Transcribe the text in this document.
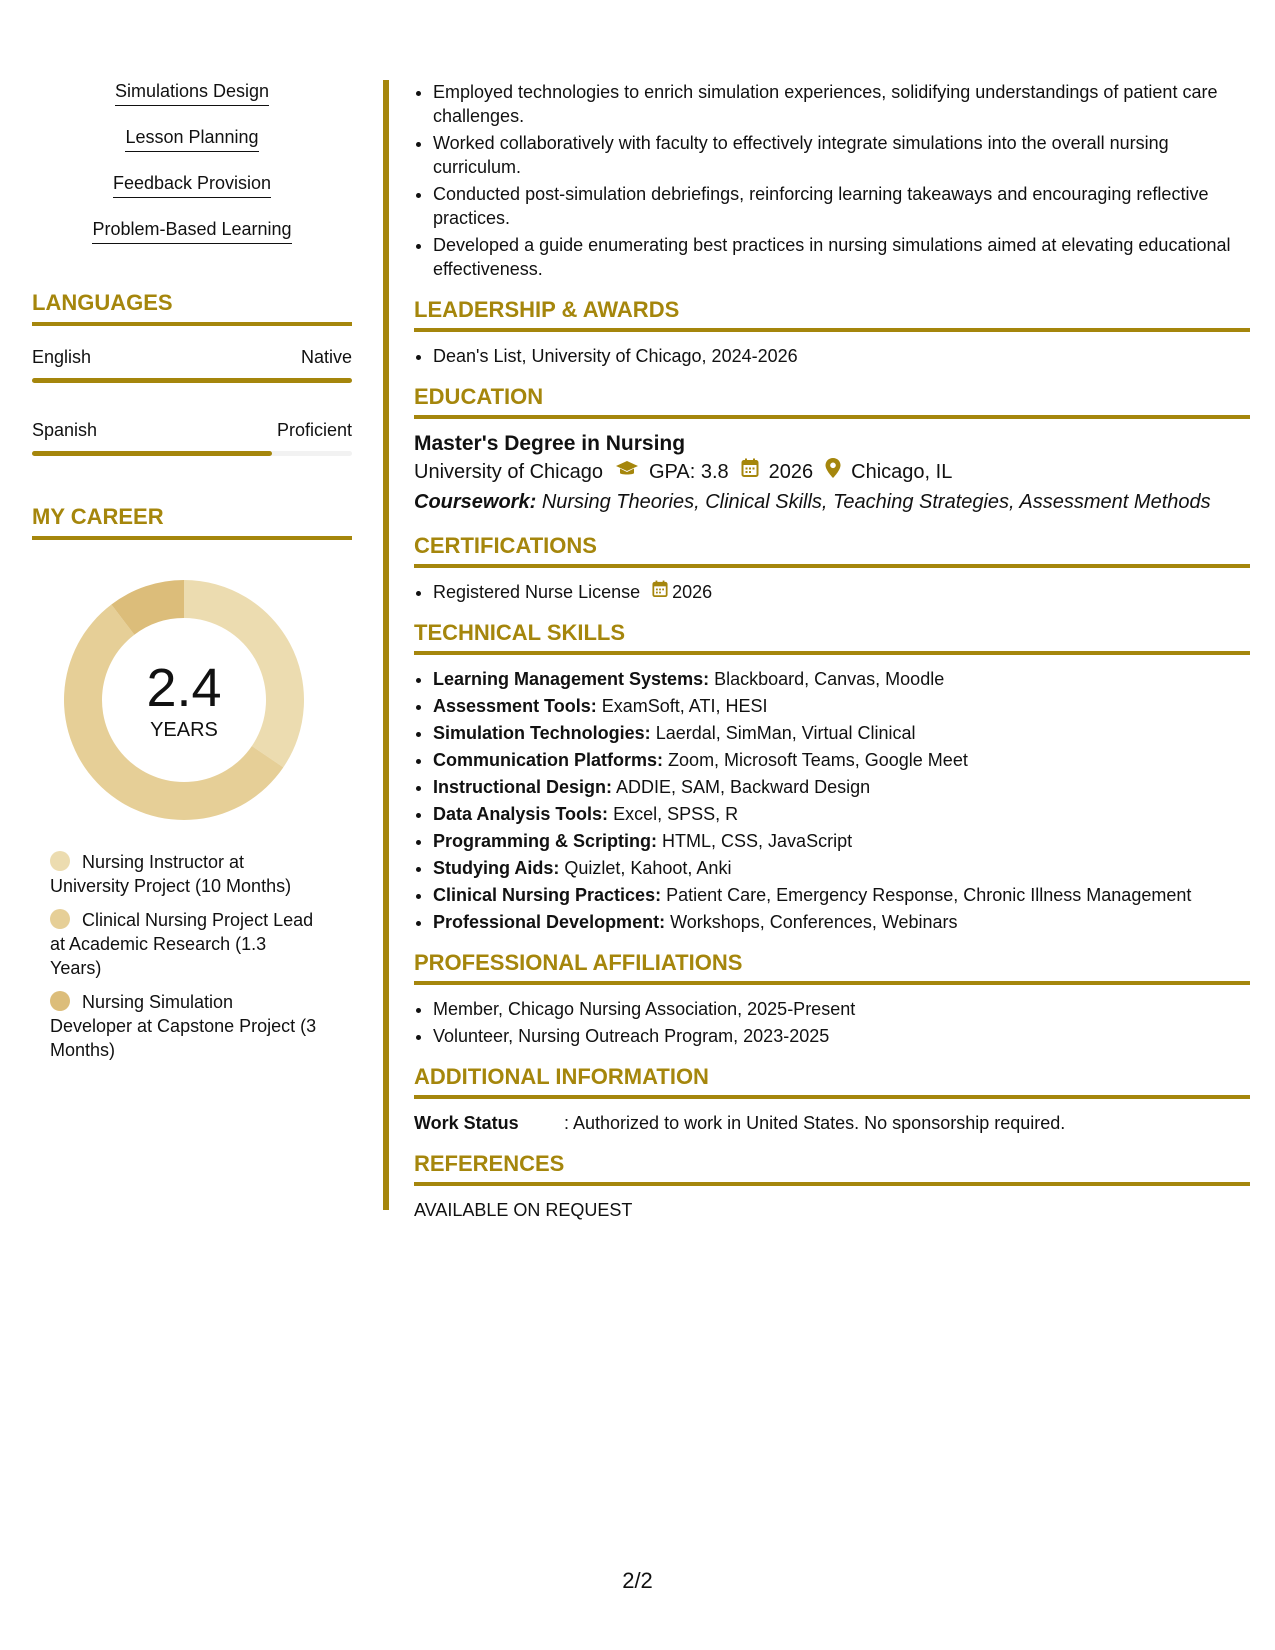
Simulations Design
Lesson Planning
Feedback Provision
Problem-Based Learning
LANGUAGES
English	Native
Spanish	Proficient
MY CAREER
2.4
YEARS
Nursing Instructor at University Project (10 Months)
Clinical Nursing Project Lead at Academic Research (1.3 Years)
Nursing Simulation Developer at Capstone Project (3 Months)
• Employed technologies to enrich simulation experiences, solidifying understandings of patient care challenges.
• Worked collaboratively with faculty to effectively integrate simulations into the overall nursing curriculum.
• Conducted post-simulation debriefings, reinforcing learning takeaways and encouraging reflective practices.
• Developed a guide enumerating best practices in nursing simulations aimed at elevating educational effectiveness.
LEADERSHIP & AWARDS
• Dean's List, University of Chicago, 2024-2026
EDUCATION
Master's Degree in Nursing
University of Chicago GPA: 3.8 2026 Chicago, IL
Coursework: Nursing Theories, Clinical Skills, Teaching Strategies, Assessment Methods
CERTIFICATIONS
• Registered Nurse License 2026
TECHNICAL SKILLS
• Learning Management Systems: Blackboard, Canvas, Moodle
• Assessment Tools: ExamSoft, ATI, HESI
• Simulation Technologies: Laerdal, SimMan, Virtual Clinical
• Communication Platforms: Zoom, Microsoft Teams, Google Meet
• Instructional Design: ADDIE, SAM, Backward Design
• Data Analysis Tools: Excel, SPSS, R
• Programming & Scripting: HTML, CSS, JavaScript
• Studying Aids: Quizlet, Kahoot, Anki
• Clinical Nursing Practices: Patient Care, Emergency Response, Chronic Illness Management
• Professional Development: Workshops, Conferences, Webinars
PROFESSIONAL AFFILIATIONS
• Member, Chicago Nursing Association, 2025-Present
• Volunteer, Nursing Outreach Program, 2023-2025
ADDITIONAL INFORMATION
Work Status	: Authorized to work in United States. No sponsorship required.
REFERENCES
AVAILABLE ON REQUEST
2/2
